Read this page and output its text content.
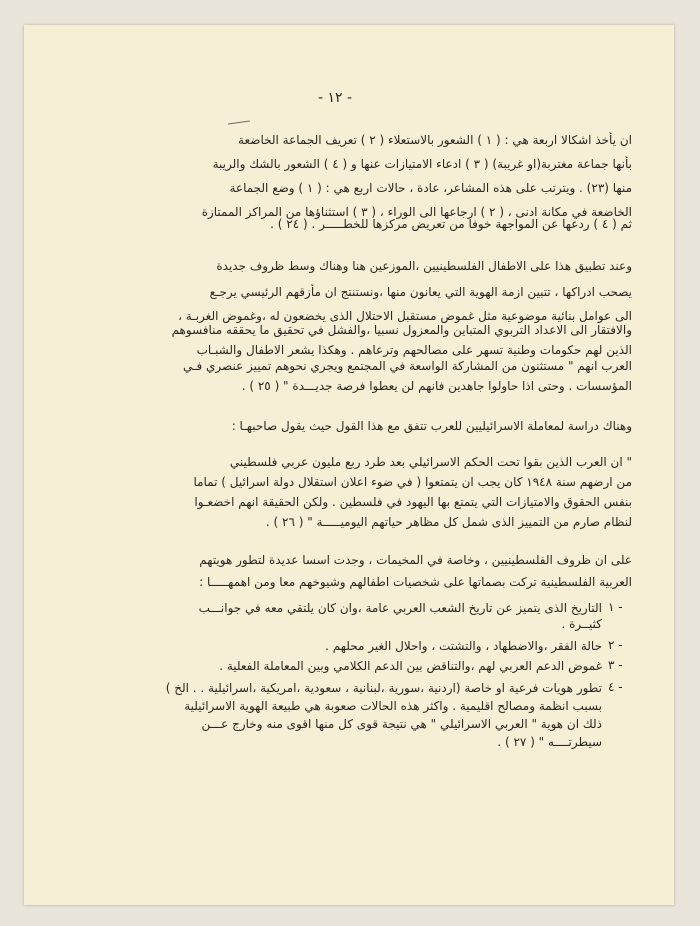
- ١٢ -
ان يأخذ اشكالا اربعة هي : ( ١ ) الشعور بالاستعلاء ( ٢ ) تعريف الجماعة الخاضعة
بأنها جماعة مغتربة(او غريبة) ( ٣ ) ادعاء الامتيازات عنها و ( ٤ ) الشعور بالشك والريبة
منها (٢٣) . ويترتب على هذه المشاعر، عادة ، حالات اربع هي : ( ١ ) وضع الجماعة
الخاضعة في مكانة ادنى ، ( ٢ ) ارجاعها الى الوراء ، ( ٣ ) استثناؤها من المراكز الممتازة
ثم ( ٤ ) ردعها عن المواجهة خوفا من تعريض مركزها للخطـــــر . ( ٢٤ ) .
وعند تطبيق هذا على الاطفال الفلسطينيين ،الموزعين هنا وهناك وسط ظروف جديدة
يصحب ادراكها ، تتبين ازمة الهوية التي يعانون منها ،ونستنتج ان مأزقهم الرئيسي يرجـع
الى عوامل بنائية موضوعية مثل غموض مستقبل الاحتلال الذى يخضعون له ،وغموض الغربـة ،
والافتقار الى الاعداد التربوي المتباين والمعزول نسبيا ،والفشل في تحقيق ما يحققه منافسوهم
الذين لهم حكومات وطنية تسهر على مصالحهم وترعاهم . وهكذا يشعر الاطفال والشبـاب
العرب انهم " مستثنون من المشاركة الواسعة في المجتمع ويجري نحوهم تمييز عنصري فـي
المؤسسات . وحتى اذا حاولوا جاهدين فانهم لن يعطوا فرصة جديـــدة " ( ٢٥ ) .
وهناك دراسة لمعاملة الاسرائيليين للعرب تتفق مع هذا القول حيث يقول صاحبهـا :
" ان العرب الذين بقوا تحت الحكم الاسرائيلي بعد طرد ربع مليون عربي فلسطيني
من ارضهم سنة ١٩٤٨ كان يجب ان يتمتعوا ( في ضوء اعلان استقلال دولة اسرائيل ) تماما
بنفس الحقوق والامتيازات التي يتمتع بها اليهود في فلسطين . ولكن الحقيقة انهم اخضعـوا
لنظام صارم من التمييز الذى شمل كل مظاهر حياتهم اليوميـــــة " ( ٢٦ ) .
على ان ظروف الفلسطينيين ، وخاصة في المخيمات ، وجدت اسسا عديدة لتطور هويتهم
العربية الفلسطينية تركت بصماتها على شخصيات اطفالهم وشيوخهم معا ومن اهمهـــــا :
١ -
التاريخ الذى يتميز عن تاريخ الشعب العربي عامة ،وان كان يلتقي معه في جوانـــب
كثيــرة .
٢ -
حالة الفقر ،والاضطهاد ، والتشتت ، واحلال الغير محلهم .
٣ -
غموض الدعم العربي لهم ،والتناقض بين الدعم الكلامي وبين المعاملة الفعلية .
٤ -
تطور هويات فرعية او خاصة (اردنية ،سورية ،لبنانية ، سعودية ،امريكية ،اسرائيلية . . الخ )
بسبب انظمة ومصالح اقليمية . واكثر هذه الحالات صعوبة هي طبيعة الهوية الاسرائيلية
ذلك ان هوية " العربي الاسرائيلي " هي نتيجة قوى كل منها اقوى منه وخارج عـــن
سيطرتــــه " ( ٢٧ ) .
